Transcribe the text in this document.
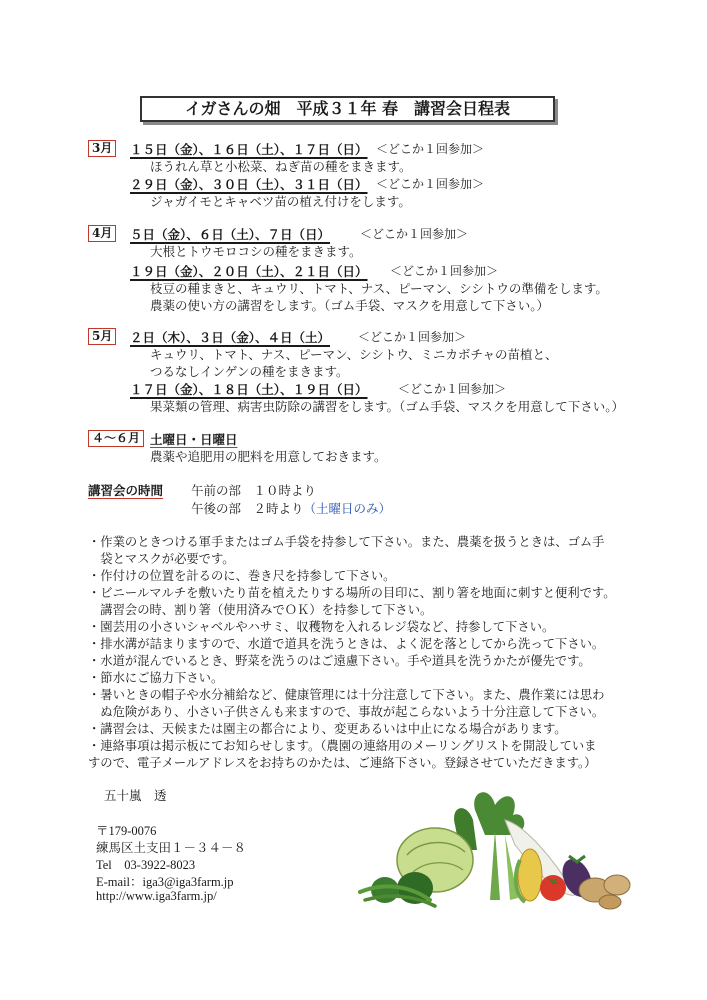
イガさんの畑　平成３１年 春　講習会日程表
3月	１５日（金）、１６日（土）、１７日（日） ＜どこか１回参加＞
ほうれん草と小松菜、ねぎ苗の種をまきます。
２９日（金）、３０日（土）、３１日（日） ＜どこか１回参加＞
ジャガイモとキャベツ苗の植え付けをします。
4月	５日（金）、６日（土）、７日（日） ＜どこか１回参加＞
大根とトウモロコシの種をまきます。
１９日（金）、２０日（土）、２１日（日） ＜どこか１回参加＞
枝豆の種まきと、キュウリ、トマト、ナス、ピーマン、シシトウの準備をします。
農薬の使い方の講習をします。（ゴム手袋、マスクを用意して下さい。）
5月	２日（木）、３日（金）、４日（土） ＜どこか１回参加＞
キュウリ、トマト、ナス、ピーマン、シシトウ、ミニカボチャの苗植と、
つるなしインゲンの種をまきます。
１７日（金）、１８日（土）、１９日（日）	＜どこか１回参加＞
果菜類の管理、病害虫防除の講習をします。（ゴム手袋、マスクを用意して下さい。）
４～６月 土曜日・日曜日
農薬や追肥用の肥料を用意しておきます。
講習会の時間 午前の部　１０時より
午後の部　２時より（土曜日のみ）
・作業のときつける軍手またはゴム手袋を持参して下さい。また、農薬を扱うときは、ゴム手
　袋とマスクが必要です。
・作付けの位置を計るのに、巻き尺を持参して下さい。
・ビニールマルチを敷いたり苗を植えたりする場所の目印に、割り箸を地面に刺すと便利です。
　講習会の時、割り箸（使用済みでＯＫ）を持参して下さい。
・園芸用の小さいシャベルやハサミ、収穫物を入れるレジ袋など、持参して下さい。
・排水溝が詰まりますので、水道で道具を洗うときは、よく泥を落としてから洗って下さい。
・水道が混んでいるとき、野菜を洗うのはご遠慮下さい。手や道具を洗うかたが優先です。
・節水にご協力下さい。
・暑いときの帽子や水分補給など、健康管理には十分注意して下さい。また、農作業には思わ
　ぬ危険があり、小さい子供さんも来ますので、事故が起こらないよう十分注意して下さい。
・講習会は、天候または園主の都合により、変更あるいは中止になる場合があります。
・連絡事項は掲示板にてお知らせします。（農園の連絡用のメーリングリストを開設していま
すので、電子メールアドレスをお持ちのかたは、ご連絡下さい。登録させていただきます。）
五十嵐　透
〒179-0076
練馬区土支田１－３４－８
Tel　03-3922-8023
E-mail：iga3@iga3farm.jp
http://www.iga3farm.jp/
